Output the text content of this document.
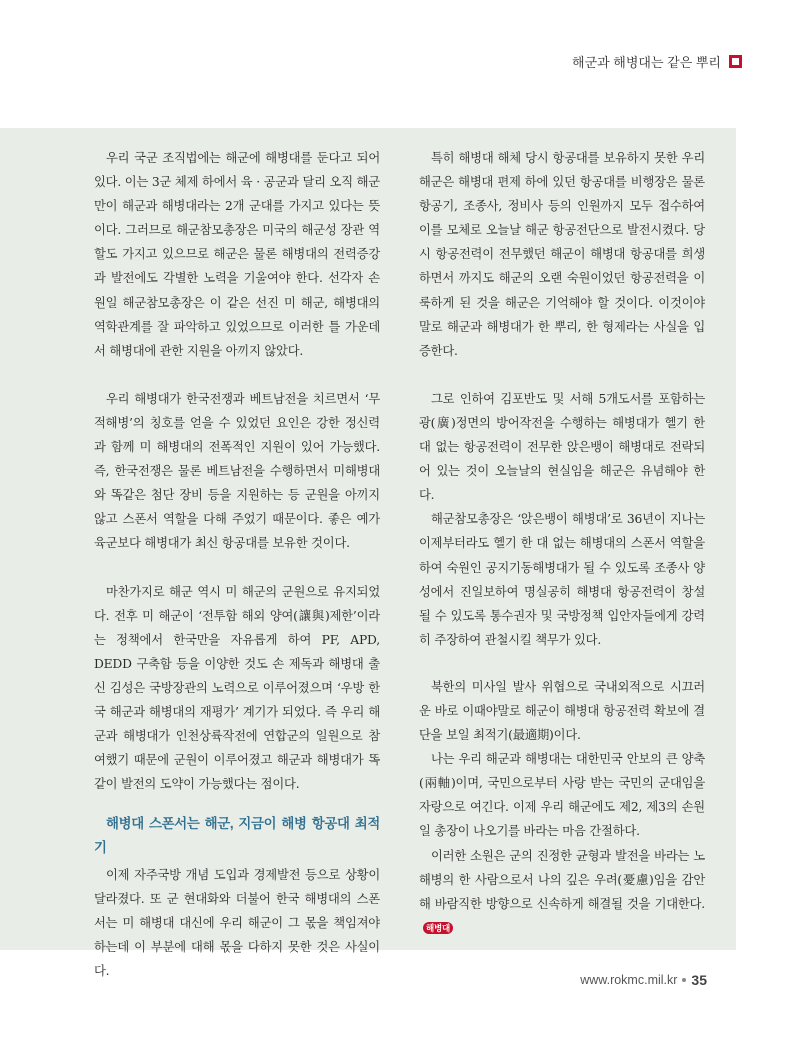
해군과 해병대는 같은 뿌리

우리 국군 조직법에는 해군에 해병대를 둔다고 되어 있다. 이는 3군 체제 하에서 육 · 공군과 달리 오직 해군만이 해군과 해병대라는 2개 군대를 가지고 있다는 뜻이다. 그러므로 해군참모총장은 미국의 해군성 장관 역할도 가지고 있으므로 해군은 물론 해병대의 전력증강과 발전에도 각별한 노력을 기울여야 한다. 선각자 손원일 해군참모총장은 이 같은 선진 미 해군, 해병대의 역학관계를 잘 파악하고 있었으므로 이러한 틀 가운데서 해병대에 관한 지원을 아끼지 않았다.

우리 해병대가 한국전쟁과 베트남전을 치르면서 ‘무적해병’의 칭호를 얻을 수 있었던 요인은 강한 정신력과 함께 미 해병대의 전폭적인 지원이 있어 가능했다. 즉, 한국전쟁은 물론 베트남전을 수행하면서 미해병대와 똑같은 첨단 장비 등을 지원하는 등 군원을 아끼지 않고 스폰서 역할을 다해 주었기 때문이다. 좋은 예가 육군보다 해병대가 최신 항공대를 보유한 것이다.

마찬가지로 해군 역시 미 해군의 군원으로 유지되었다. 전후 미 해군이 ‘전투함 해외 양여(讓與)제한’이라는 정책에서 한국만을 자유롭게 하여 PF, APD, DEDD 구축함 등을 이양한 것도 손 제독과 해병대 출신 김성은 국방장관의 노력으로 이루어졌으며 ‘우방 한국 해군과 해병대의 재평가’ 계기가 되었다. 즉 우리 해군과 해병대가 인천상륙작전에 연합군의 일원으로 참여했기 때문에 군원이 이루어졌고 해군과 해병대가 똑같이 발전의 도약이 가능했다는 점이다.

해병대 스폰서는 해군, 지금이 해병 항공대 최적기

이제 자주국방 개념 도입과 경제발전 등으로 상황이 달라졌다. 또 군 현대화와 더불어 한국 해병대의 스폰서는 미 해병대 대신에 우리 해군이 그 몫을 책임져야 하는데 이 부분에 대해 몫을 다하지 못한 것은 사실이다.

특히 해병대 해체 당시 항공대를 보유하지 못한 우리 해군은 해병대 편제 하에 있던 항공대를 비행장은 물론 항공기, 조종사, 정비사 등의 인원까지 모두 접수하여 이를 모체로 오늘날 해군 항공전단으로 발전시켰다. 당시 항공전력이 전무했던 해군이 해병대 항공대를 희생하면서 까지도 해군의 오랜 숙원이었던 항공전력을 이룩하게 된 것을 해군은 기억해야 할 것이다. 이것이야말로 해군과 해병대가 한 뿌리, 한 형제라는 사실을 입증한다.

그로 인하여 김포반도 및 서해 5개도서를 포함하는 광(廣)정면의 방어작전을 수행하는 해병대가 헬기 한 대 없는 항공전력이 전무한 앉은뱅이 해병대로 전락되어 있는 것이 오늘날의 현실임을 해군은 유념해야 한다.

해군참모총장은 ‘앉은뱅이 해병대’로 36년이 지나는 이제부터라도 헬기 한 대 없는 해병대의 스폰서 역할을 하여 숙원인 공지기동해병대가 될 수 있도록 조종사 양성에서 진일보하여 명실공히 해병대 항공전력이 창설될 수 있도록 통수권자 및 국방정책 입안자들에게 강력히 주장하여 관철시킬 책무가 있다.

북한의 미사일 발사 위협으로 국내외적으로 시끄러운 바로 이때야말로 해군이 해병대 항공전력 확보에 결단을 보일 최적기(最適期)이다.

나는 우리 해군과 해병대는 대한민국 안보의 큰 양축(兩軸)이며, 국민으로부터 사랑 받는 국민의 군대임을 자랑으로 여긴다. 이제 우리 해군에도 제2, 제3의 손원일 총장이 나오기를 바라는 마음 간절하다.

이러한 소원은 군의 진정한 균형과 발전을 바라는 노해병의 한 사람으로서 나의 깊은 우려(憂慮)임을 감안해 바람직한 방향으로 신속하게 해결될 것을 기대한다.해병대

www.rokmc.mil.kr 35
